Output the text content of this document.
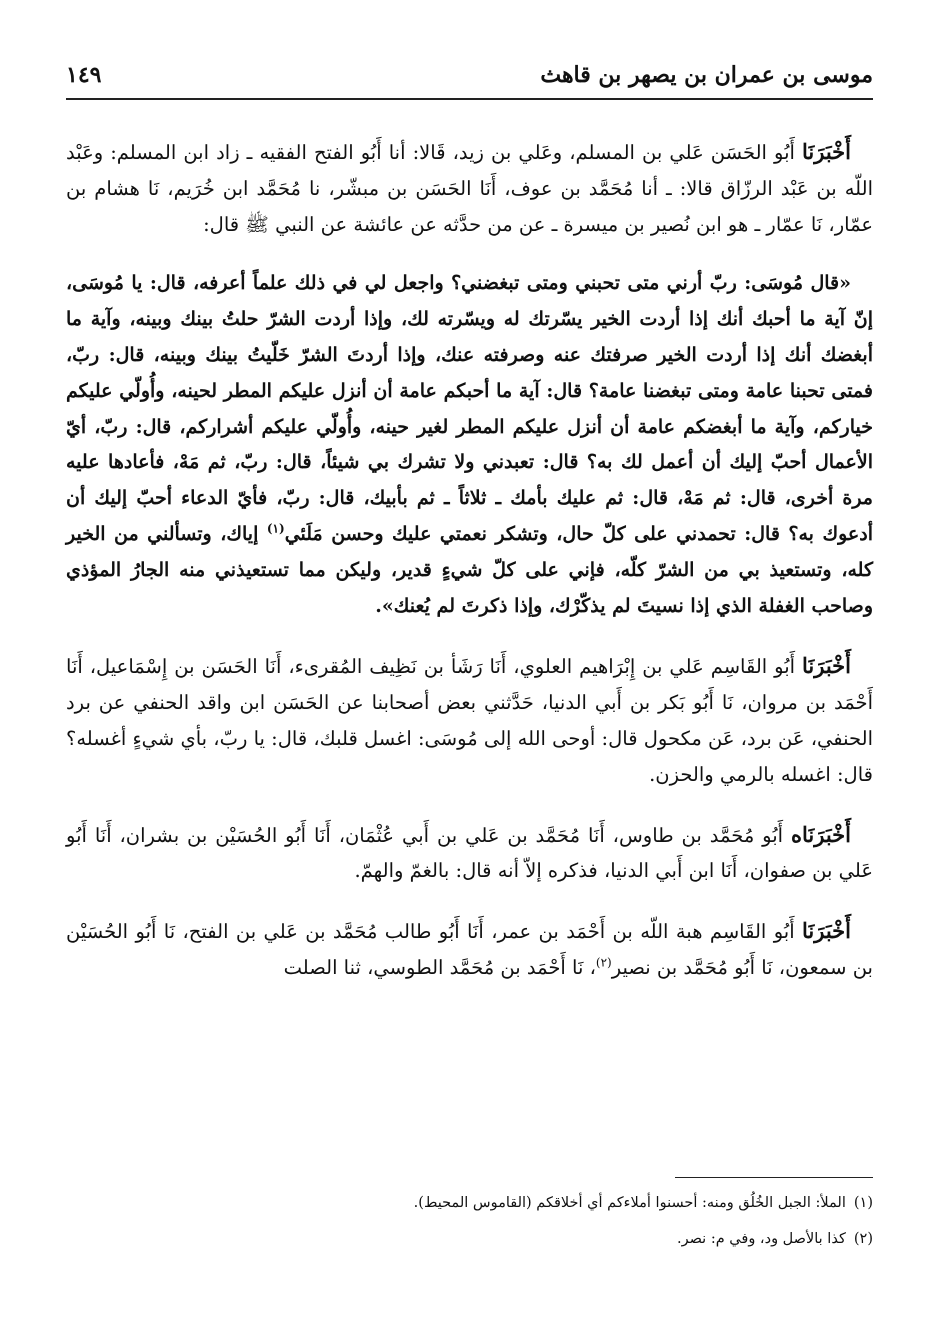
موسى بن عمران بن يصهر بن قاهث
١٤٩

أَخْبَرَنَا أَبُو الحَسَن عَلي بن المسلم، وعَلي بن زيد، قَالا: أنا أَبُو الفتح الفقيه ـ زاد ابن المسلم: وعَبْد اللّه بن عَبْد الرزّاق قالا: ـ أنا مُحَمَّد بن عوف، أَنَا الحَسَن بن مبشّر، نا مُحَمَّد ابن خُرَيم، نَا هشام بن عمّار، نَا عمّار ـ هو ابن نُصير بن ميسرة ـ عن من حدَّثه عن عائشة عن النبي ﷺ قال:

«قال مُوسَى: ربّ أرني متى تحبني ومتى تبغضني؟ واجعل لي في ذلك علماً أعرفه، قال: يا مُوسَى، إنّ آية ما أحبك أنك إذا أردت الخير يسّرتك له ويسّرته لك، وإذا أردت الشرّ حلتُ بينك وبينه، وآية ما أبغضك أنك إذا أردت الخير صرفتك عنه وصرفته عنك، وإذا أردتَ الشرّ خَلّيتُ بينك وبينه، قال: ربّ، فمتى تحبنا عامة ومتى تبغضنا عامة؟ قال: آية ما أحبكم عامة أن أنزل عليكم المطر لحينه، وأُولّي عليكم خياركم، وآية ما أبغضكم عامة أن أنزل عليكم المطر لغير حينه، وأُولّي عليكم أشراركم، قال: ربّ، أيّ الأعمال أحبّ إليك أن أعمل لك به؟ قال: تعبدني ولا تشرك بي شيئاً، قال: ربّ، ثم مَهْ، فأعادها عليه مرة أخرى، قال: ثم مَهْ، قال: ثم عليك بأمك ـ ثلاثاً ـ ثم بأبيك، قال: ربّ، فأيّ الدعاء أحبّ إليك أن أدعوك به؟ قال: تحمدني على كلّ حال، وتشكر نعمتي عليك وحسن مَلَئي$^{(١)}$ إياك، وتسألني من الخير كله، وتستعيذ بي من الشرّ كلّه، فإني على كلّ شيءٍ قدير، وليكن مما تستعيذني منه الجارُ المؤذي وصاحب الغفلة الذي إذا نسيتَ لم يذكّرْك، وإذا ذكرتَ لم يُعنك».

أَخْبَرَنَا أَبُو القَاسِم عَلي بن إِبْرَاهيم العلوي، أَنَا رَشَأ بن نَظِيف المُقرىء، أَنَا الحَسَن بن إِسْمَاعيل، أَنَا أَحْمَد بن مروان، نَا أَبُو بَكر بن أَبي الدنيا، حَدَّثني بعض أصحابنا عن الحَسَن ابن واقد الحنفي عن برد الحنفي، عَن برد، عَن مكحول قال: أوحى الله إلى مُوسَى: اغسل قلبك، قال: يا ربّ، بأي شيءٍ أغسله؟ قال: اغسله بالرمي والحزن.

أَخْبَرَنَاه أَبُو مُحَمَّد بن طاوس، أَنَا مُحَمَّد بن عَلي بن أَبي عُثْمَان، أَنَا أَبُو الحُسَيْن بن بشران، أَنَا أَبُو عَلي بن صفوان، أَنَا ابن أَبي الدنيا، فذكره إلاّ أنه قال: بالغمّ والهمّ.

أَخْبَرَنَا أَبُو القَاسِم هبة اللّه بن أَحْمَد بن عمر، أَنَا أَبُو طالب مُحَمَّد بن عَلي بن الفتح، نَا أَبُو الحُسَيْن بن سمعون، نَا أَبُو مُحَمَّد بن نصير$^{(٢)}$، نَا أَحْمَد بن مُحَمَّد الطوسي، ثنا الصلت

(١)الملأ: الجبل الخُلُق ومنه: أحسنوا أملاءكم أي أخلاقكم (القاموس المحيط).

(٢)كذا بالأصل ود، وفي م: نصر.
